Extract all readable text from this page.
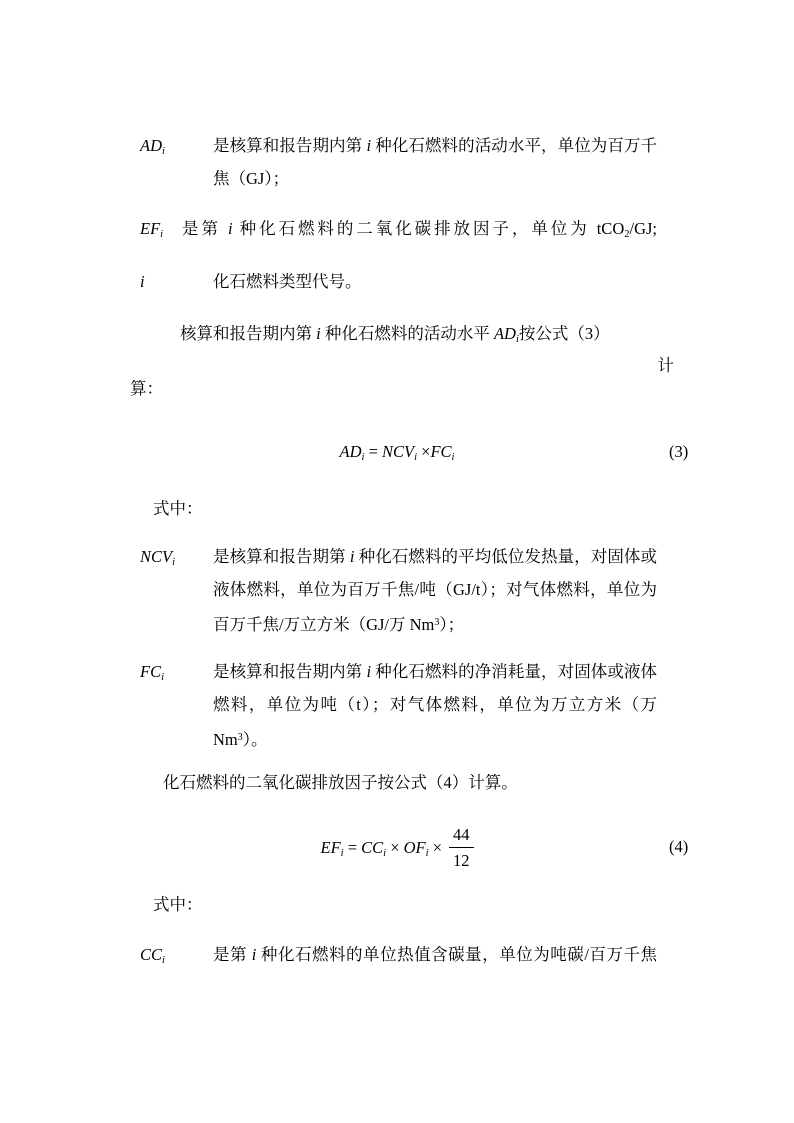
ADi	是核算和报告期内第 i 种化石燃料的活动水平，单位为百万千焦（GJ）；
EFi 是第 i 种化石燃料的二氧化碳排放因子，单位为 tCO2/GJ;
i	化石燃料类型代号。
核算和报告期内第 i 种化石燃料的活动水平 ADi按公式（3）
计
算：
ADi = NCVi ×FCi	(3)
式中：
NCVi 是核算和报告期第 i 种化石燃料的平均低位发热量，对固体或液体燃料，单位为百万千焦/吨（GJ/t）；对气体燃料，单位为百万千焦/万立方米（GJ/万 Nm$^3$）；
FCi	是核算和报告期内第 i 种化石燃料的净消耗量，对固体或液体燃料，单位为吨（t）；对气体燃料，单位为万立方米（万 Nm$^3$）。
化石燃料的二氧化碳排放因子按公式（4）计算。
EFi = CCi × OFi × $\frac{44}{12}$	(4)
式中：
CCi	是第 i 种化石燃料的单位热值含碳量，单位为吨碳/百万千焦
